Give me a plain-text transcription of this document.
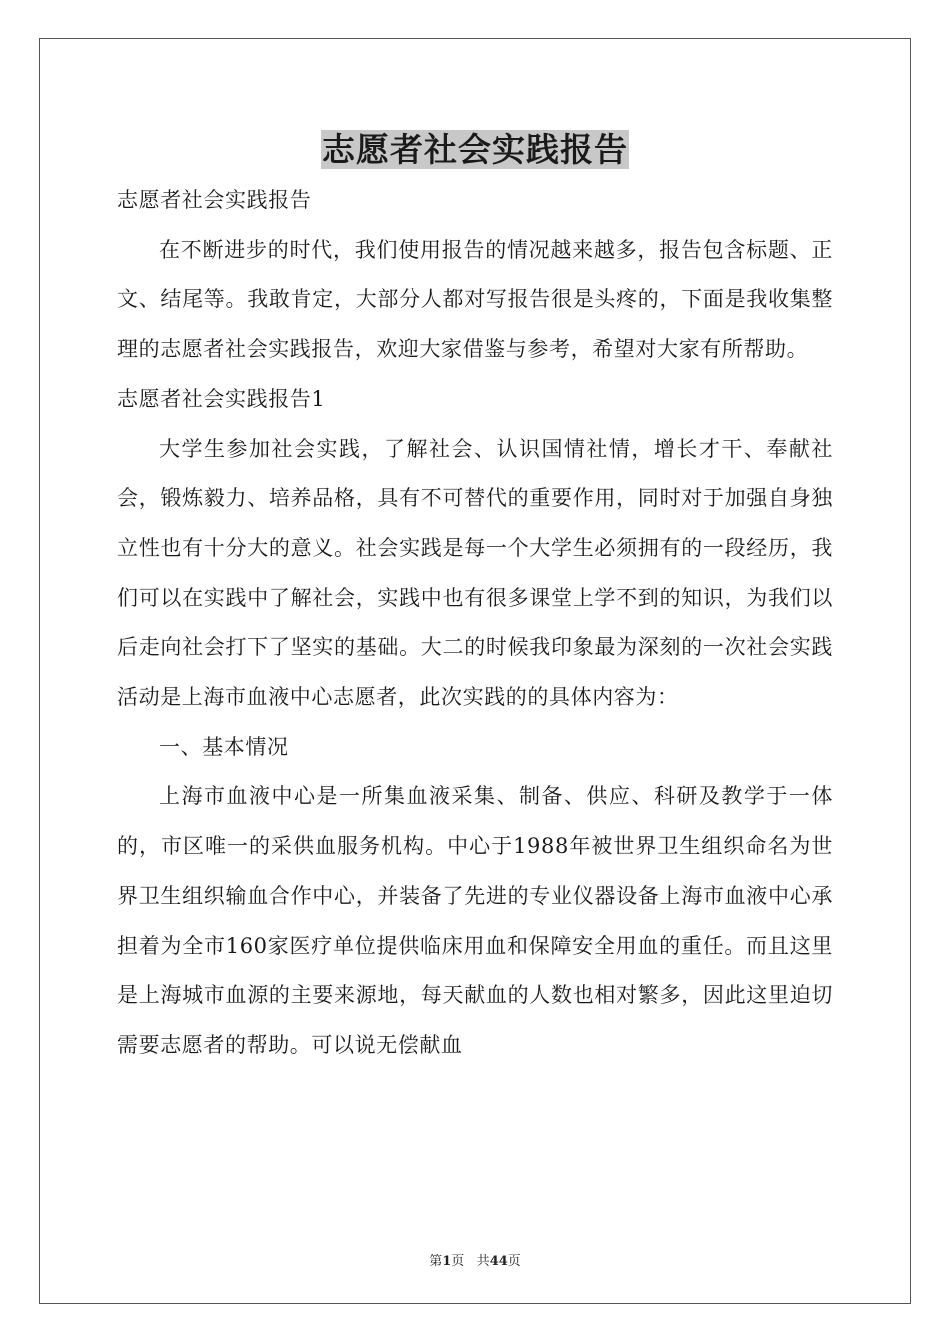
志愿者社会实践报告

志愿者社会实践报告

在不断进步的时代，我们使用报告的情况越来越多，报告包含标题、正文、结尾等。我敢肯定，大部分人都对写报告很是头疼的，下面是我收集整理的志愿者社会实践报告，欢迎大家借鉴与参考，希望对大家有所帮助。

志愿者社会实践报告1

大学生参加社会实践，了解社会、认识国情社情，增长才干、奉献社会，锻炼毅力、培养品格，具有不可替代的重要作用，同时对于加强自身独立性也有十分大的意义。社会实践是每一个大学生必须拥有的一段经历，我们可以在实践中了解社会，实践中也有很多课堂上学不到的知识，为我们以后走向社会打下了坚实的基础。大二的时候我印象最为深刻的一次社会实践活动是上海市血液中心志愿者，此次实践的的具体内容为：

一、基本情况

上海市血液中心是一所集血液采集、制备、供应、科研及教学于一体的，市区唯一的采供血服务机构。中心于1988年被世界卫生组织命名为世界卫生组织输血合作中心，并装备了先进的专业仪器设备上海市血液中心承担着为全市160家医疗单位提供临床用血和保障安全用血的重任。而且这里是上海城市血源的主要来源地，每天献血的人数也相对繁多，因此这里迫切需要志愿者的帮助。可以说无偿献血

第1页 共44页
